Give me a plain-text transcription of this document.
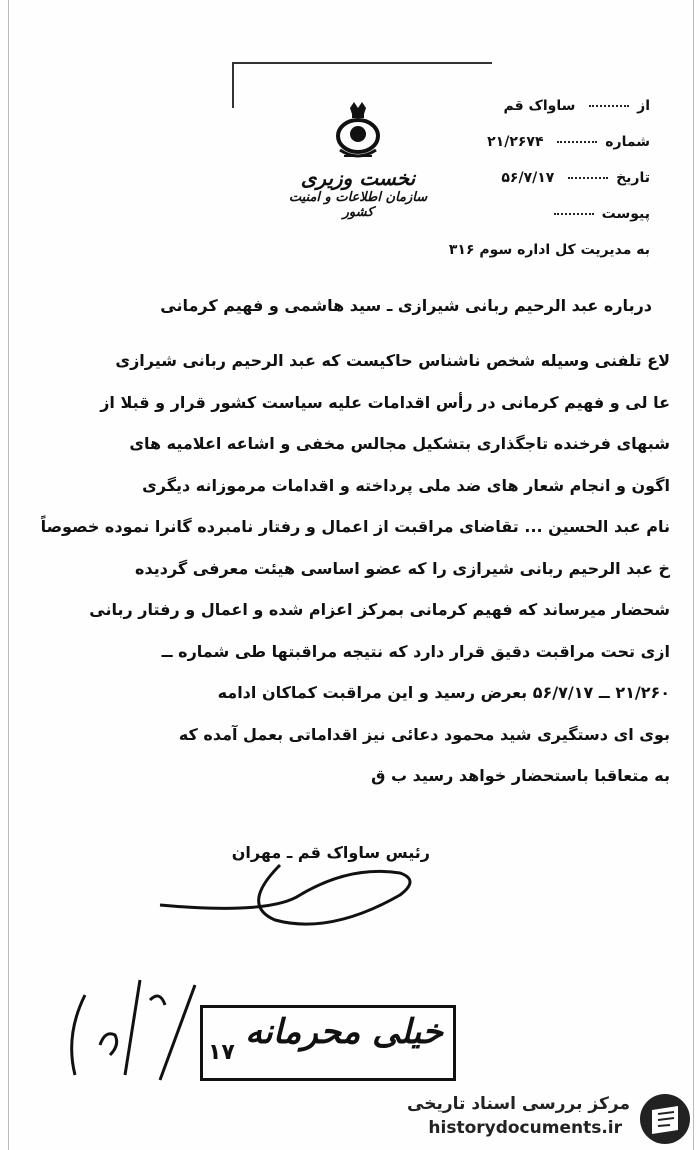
از  ساواک قم
شماره  ۲۱/۲۶۷۴
تاریخ  ۵۶/۷/۱۷
پیوست
به مدیریت کل اداره سوم ۳۱۶
نخست وزیری
سازمان اطلاعات و امنیت کشور
درباره عبد الرحیم ربانی شیرازی ـ سید هاشمی و فهیم کرمانی
لاع تلفنی وسیله شخص ناشناس حاکیست که عبد الرحیم ربانی شیرازی
عا لی و فهیم کرمانی در رأس اقدامات علیه سیاست کشور قرار و قبلا از
شبهای فرخنده تاجگذاری بتشکیل مجالس مخفی و اشاعه اعلامیه های
اگون و انجام شعار های ضد ملی پرداخته و اقدامات مرموزانه دیگری
نام عبد الحسین ... تقاضای مراقبت از اعمال و رفتار نامبرده گانرا نموده خصوصاً
خ عبد الرحیم ربانی شیرازی را که عضو اساسی هیئت معرفی گردیده
شحضار میرساند که فهیم کرمانی بمرکز اعزام شده و اعمال و رفتار ربانی
ازی تحت مراقبت دقیق قرار دارد که نتیجه مراقبتها طی شماره ــ
۲۱/۲۶۰ ــ ۵۶/۷/۱۷ بعرض رسید و این مراقبت کماکان ادامه
بوی ای دستگیری شید محمود دعائی نیز اقداماتی بعمل آمده که
به متعاقبا باستحضار خواهد رسید ب ق
رئیس ساواک قم ـ مهران
خیلی محرمانه
۱۷
مرکز بررسی اسناد تاریخی
historydocuments.ir
